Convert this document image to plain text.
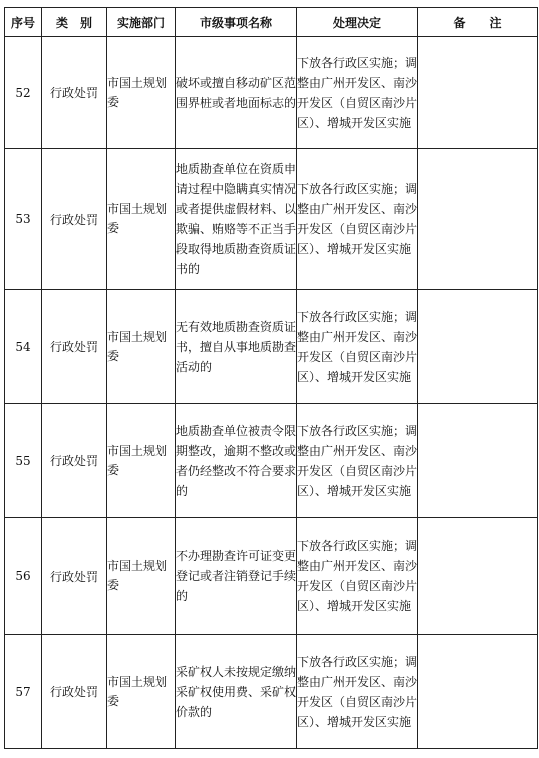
序号	类　别	实施部门	市级事项名称	处理决定	备　　注
52	行政处罚	市国土规划委	破坏或擅自移动矿区范围界桩或者地面标志的	下放各行政区实施；调整由广州开发区、南沙开发区（自贸区南沙片区）、增城开发区实施	
53	行政处罚	市国土规划委	地质勘查单位在资质申请过程中隐瞒真实情况或者提供虚假材料、以欺骗、贿赂等不正当手段取得地质勘查资质证书的	下放各行政区实施；调整由广州开发区、南沙开发区（自贸区南沙片区）、增城开发区实施	
54	行政处罚	市国土规划委	无有效地质勘查资质证书，擅自从事地质勘查活动的	下放各行政区实施；调整由广州开发区、南沙开发区（自贸区南沙片区）、增城开发区实施	
55	行政处罚	市国土规划委	地质勘查单位被责令限期整改，逾期不整改或者仍经整改不符合要求的	下放各行政区实施；调整由广州开发区、南沙开发区（自贸区南沙片区）、增城开发区实施	
56	行政处罚	市国土规划委	不办理勘查许可证变更登记或者注销登记手续的	下放各行政区实施；调整由广州开发区、南沙开发区（自贸区南沙片区）、增城开发区实施	
57	行政处罚	市国土规划委	采矿权人未按规定缴纳采矿权使用费、采矿权价款的	下放各行政区实施；调整由广州开发区、南沙开发区（自贸区南沙片区）、增城开发区实施	
